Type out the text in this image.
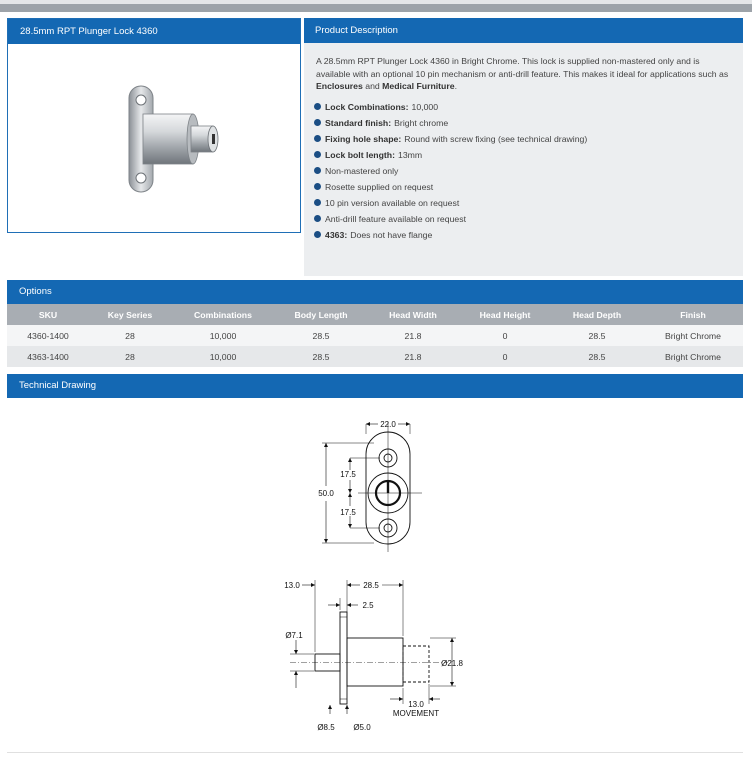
28.5mm RPT Plunger Lock 4360	Product Description
A 28.5mm RPT Plunger Lock 4360 in Bright Chrome. This lock is supplied non-mastered only and is available with an optional 10 pin mechanism or anti-drill feature. This makes it ideal for applications such as Enclosures and Medical Furniture.
Lock Combinations: 10,000
Standard finish: Bright chrome
Fixing hole shape: Round with screw fixing (see technical drawing)
Lock bolt length: 13mm
Non-mastered only
Rosette supplied on request
10 pin version available on request
Anti-drill feature available on request
4363: Does not have flange
Options
SKU	Key Series	Combinations	Body Length	Head Width	Head Height	Head Depth	Finish
4360-1400	28	10,000	28.5	21.8	0	28.5	Bright Chrome
4363-1400	28	10,000	28.5	21.8	0	28.5	Bright Chrome
Technical Drawing
22.0
50.0
17.5
17.5
13.0	28.5
2.5
Ø7.1
Ø21.8
13.0
MOVEMENT
Ø8.5 Ø5.0
